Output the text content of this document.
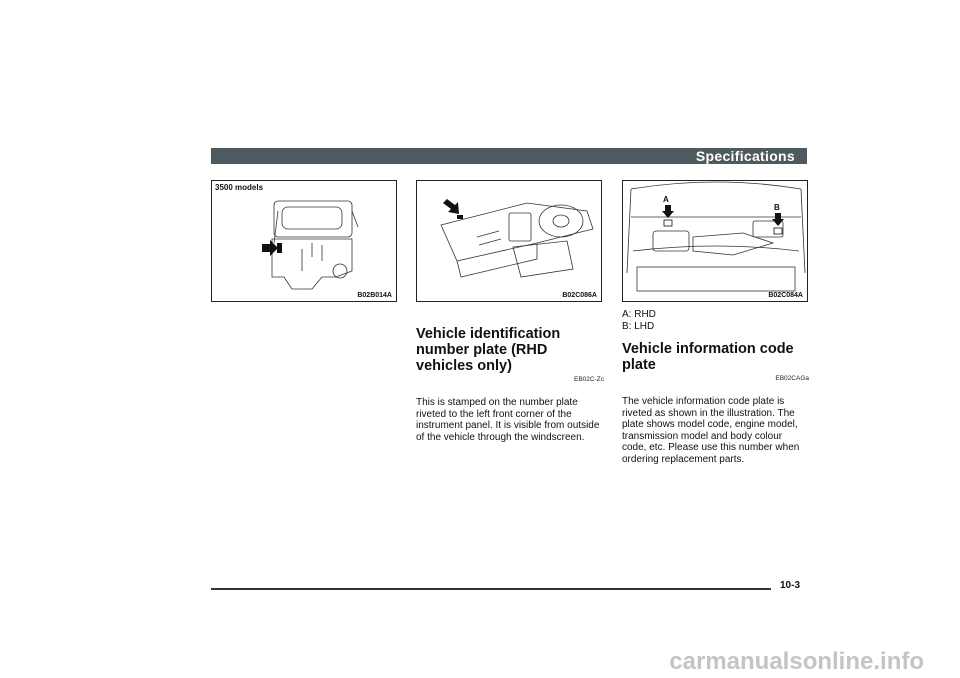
Specifications
3500 models
B02B014A	B02C086A
A
B
B02C084A
Vehicle identification number plate (RHD vehicles only)
EB02C-Zc

This is stamped on the number plate riveted to the left front corner of the instrument panel. It is visible from outside of the vehicle through the windscreen.

A: RHD
B: LHD
Vehicle information code plate
EB02CAGa

The vehicle information code plate is riveted as shown in the illustration. The plate shows model code, engine model, transmission model and body colour code, etc. Please use this number when ordering replacement parts.

10-3
carmanualsonline.info
